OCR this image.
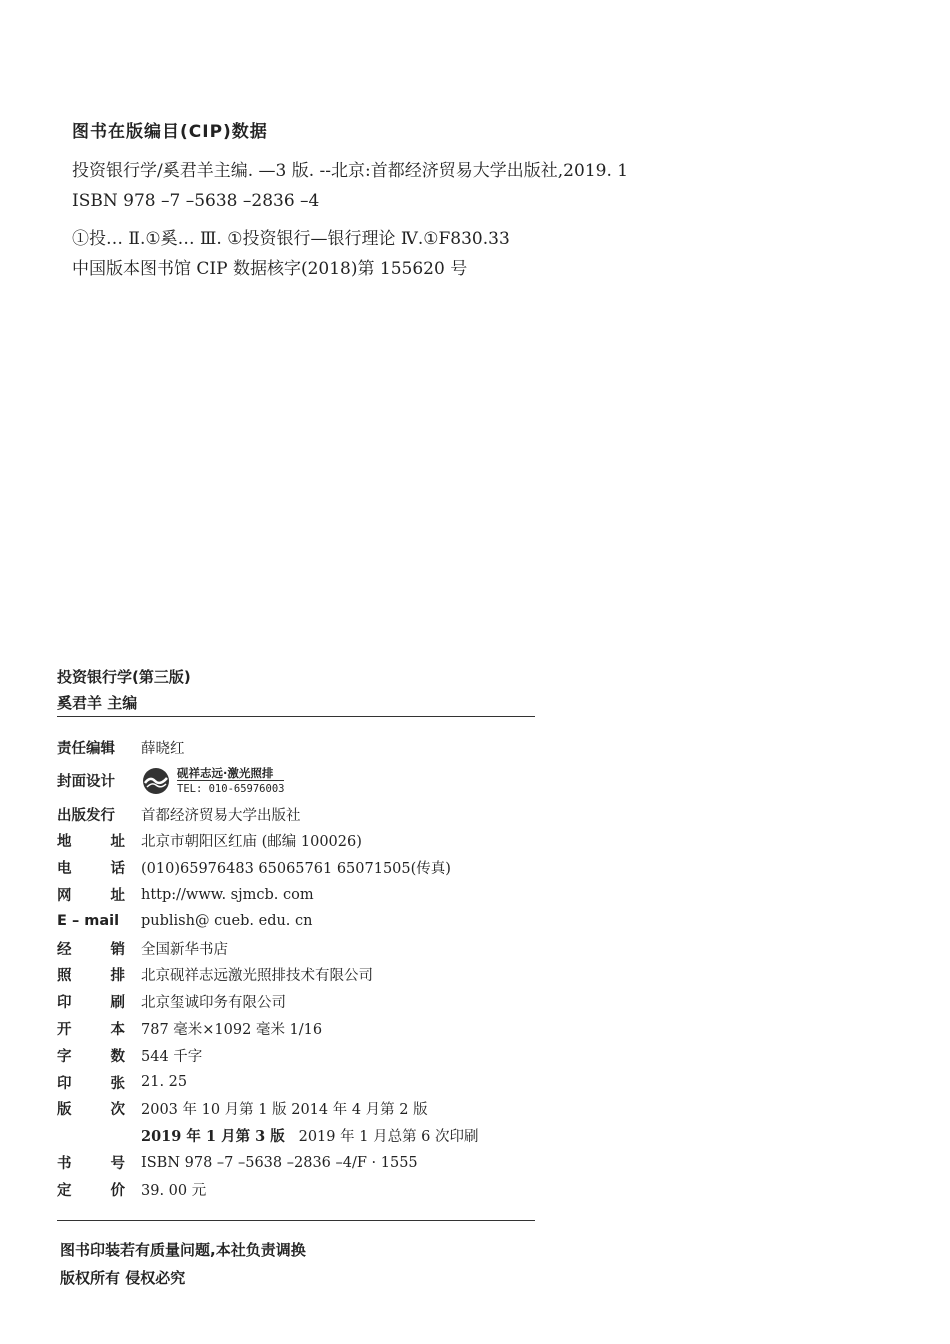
图书在版编目(CIP)数据
投资银行学/奚君羊主编. —3 版. --北京:首都经济贸易大学出版社,2019. 1
ISBN 978 –7 –5638 –2836 –4
①投… Ⅱ.①奚… Ⅲ. ①投资银行—银行理论 Ⅳ.①F830.33
中国版本图书馆 CIP 数据核字(2018)第 155620 号
投资银行学(第三版)
奚君羊 主编
责任编辑	薛晓红
封面设计
砚祥志远·激光照排
TEL: 010-65976003
出版发行	首都经济贸易大学出版社
地	址 北京市朝阳区红庙 (邮编 100026)
电	话 (010)65976483 65065761 65071505(传真)
网	址 http://www. sjmcb. com
E – mail	publish@ cueb. edu. cn
经	销 全国新华书店
照	排 北京砚祥志远激光照排技术有限公司
印	刷 北京玺诚印务有限公司
开	本 787 毫米×1092 毫米 1/16
字	数 544 千字
印	张 21. 25
版	次 2003 年 10 月第 1 版 2014 年 4 月第 2 版
2019 年 1 月第 3 版 2019 年 1 月总第 6 次印刷
书	号 ISBN 978 –7 –5638 –2836 –4/F · 1555
定	价 39. 00 元
图书印装若有质量问题,本社负责调换
版权所有 侵权必究
